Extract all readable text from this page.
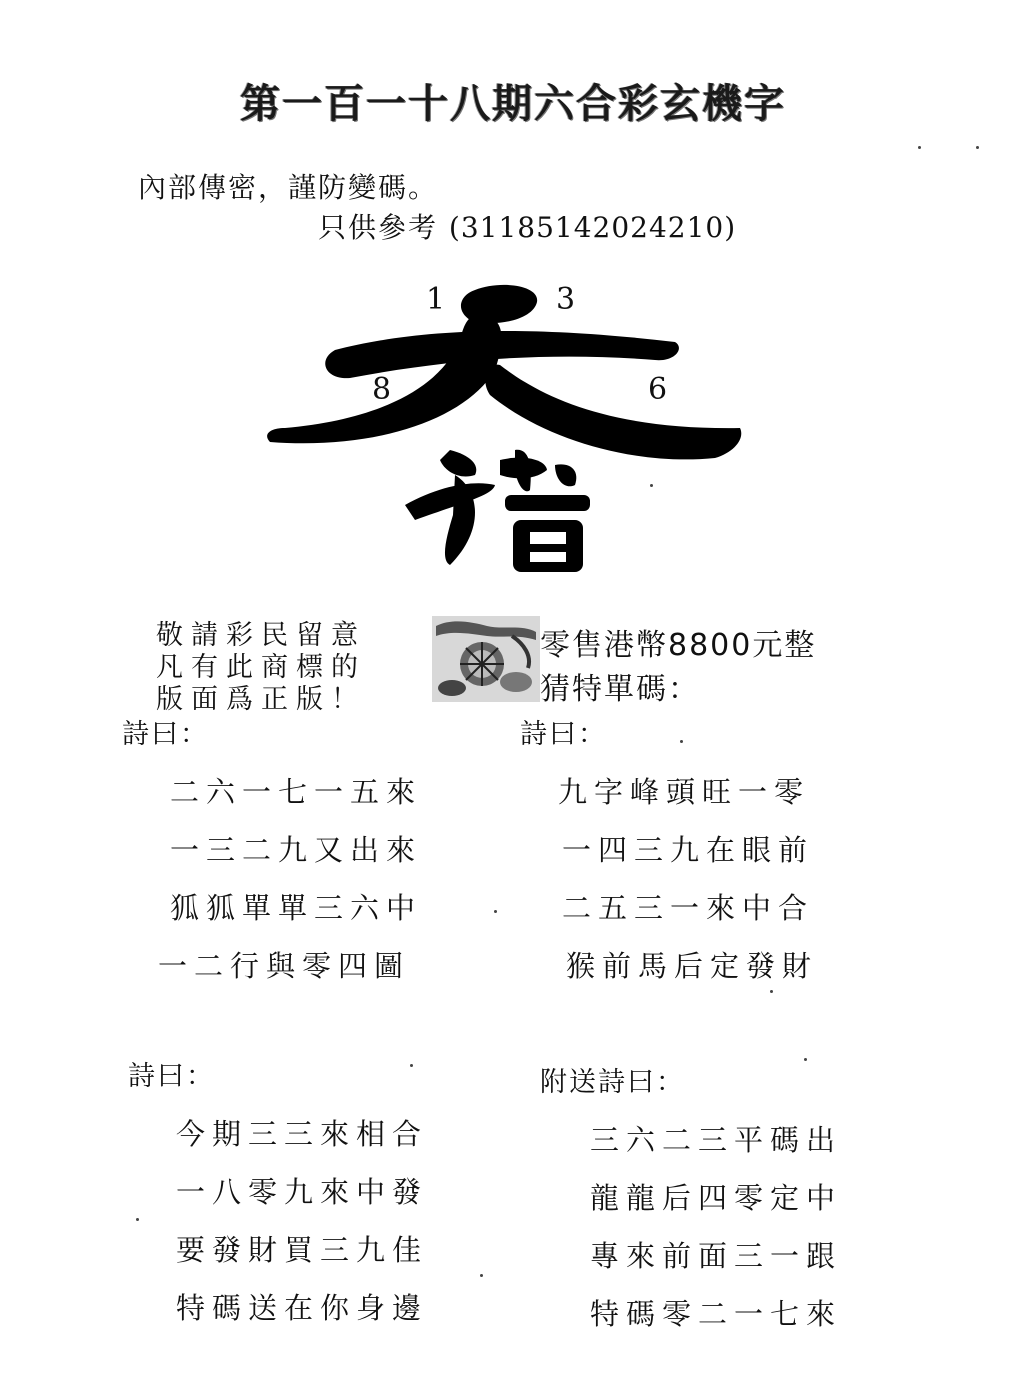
第一百一十八期六合彩玄機字
內部傳密，謹防變碼。
只供參考 (31185142024210)
1	3
8	6
敬請彩民留意
凡有此商標的
版面爲正版！
零售港幣8800元整
猜特單碼：
詩曰：
二六一七一五來
一三二九又出來
狐狐單單三六中
一二行與零四圖
詩曰：
九字峰頭旺一零
一四三九在眼前
二五三一來中合
猴前馬后定發財
詩曰：
今期三三來相合
一八零九來中發
要發財買三九佳
特碼送在你身邊
附送詩曰：
三六二三平碼出
龍龍后四零定中
專來前面三一跟
特碼零二一七來
